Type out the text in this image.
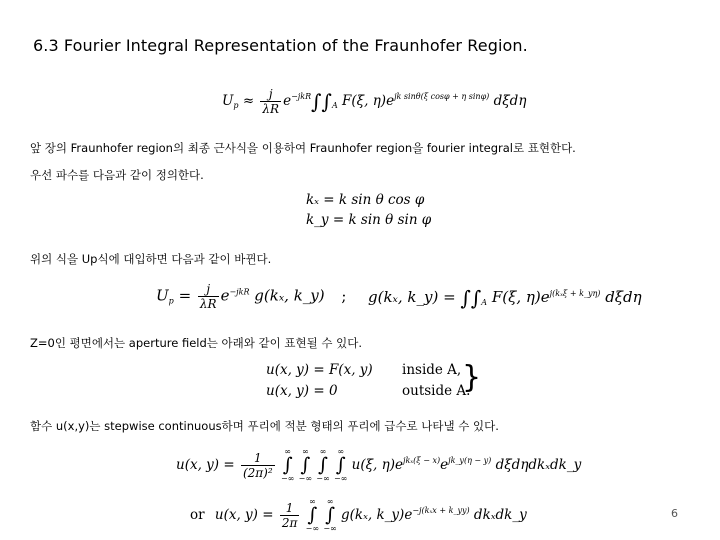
6.3 Fourier Integral Representation of the Fraunhofer Region.
$U_p \approx \frac{j}{\lambda R} e^{-jkR}\int\int_A$ F(ξ, $\eta)e^{jk sin\theta(\xi cos\varphi + \eta sin\varphi)}$ dξdη
앞 장의 Fraunhofer region의 최종 근사식을 이용하여 Fraunhofer region을 fourier integral로 표현한다.
우선 파수를 다음과 같이 정의한다.
kₓ = k sin θ cos φ
k_y = k sin θ sin φ
위의 식을 Up식에 대입하면 다음과 같이 바뀐다.
$U_p = \frac{j}{\lambda R} e^{-jkR}$ g(kₓ, k_y) ; g(kₓ, k_y) = $\int\int_A$ F(ξ, $\eta)e^{j(k_x\xi + k\_y\eta)}$ dξdη
Z=0인 평면에서는 aperture field는 아래와 같이 표현될 수 있다.
u(x, y) = F(x, y) inside A,
u(x, y) = 0	outside A.
}
함수 u(x,y)는 stepwise continuous하며 푸리에 적분 형태의 푸리에 급수로 나타낼 수 있다.
u(x, $y) = \frac{1}{\text{(2π)²}}$
∞
∫
−∞ ∞
∫
−∞ ∞
∫
−∞ ∞
∫
−∞ u(ξ, $\eta)e^{jk_x(\xi - x)}e^{jk\_y(\eta - y)}$ dξdηdkₓdk_y
or u(x, $y) = \frac{1}{2\pi}$
∞
∫
−∞ ∞
∫
−∞ g(kₓ, $k\_y)e^{-j(k_xx + k\_yy)}$ dkₓdk_y	6
